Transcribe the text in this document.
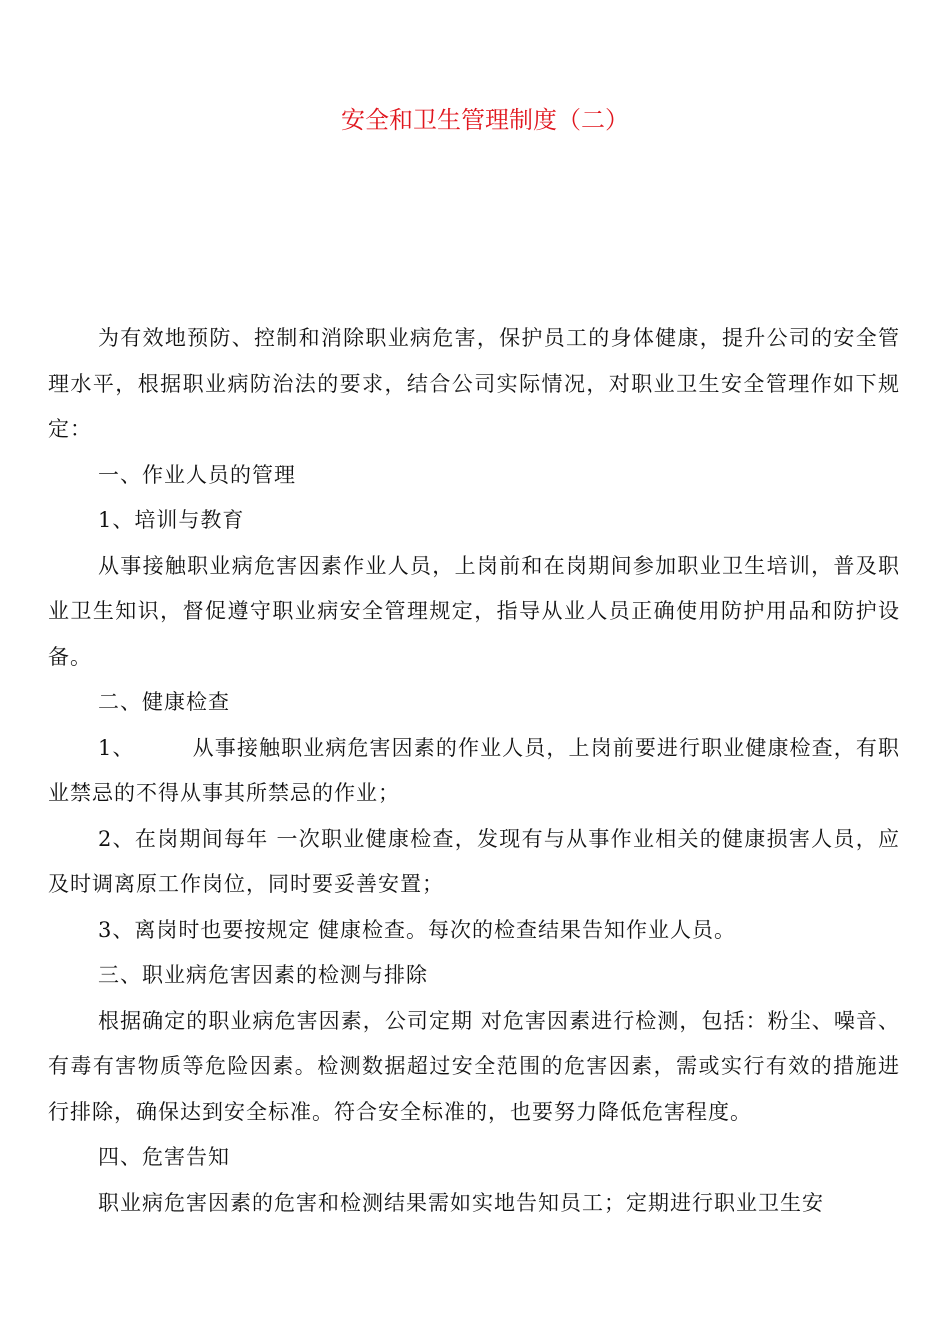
安全和卫生管理制度（二）

为有效地预防、控制和消除职业病危害，保护员工的身体健康，提升公司的安全管理水平，根据职业病防治法的要求，结合公司实际情况，对职业卫生安全管理作如下规定：

一、作业人员的管理

1、培训与教育

从事接触职业病危害因素作业人员，上岗前和在岗期间参加职业卫生培训，普及职业卫生知识，督促遵守职业病安全管理规定，指导从业人员正确使用防护用品和防护设备。

二、健康检查

1、	从事接触职业病危害因素的作业人员，上岗前要进行职业健康检查，有职业禁忌的不得从事其所禁忌的作业；

2、在岗期间每年 一次职业健康检查，发现有与从事作业相关的健康损害人员，应及时调离原工作岗位，同时要妥善安置；

3、离岗时也要按规定 健康检查。每次的检查结果告知作业人员。

三、职业病危害因素的检测与排除

根据确定的职业病危害因素，公司定期 对危害因素进行检测，包括：粉尘、噪音、有毒有害物质等危险因素。检测数据超过安全范围的危害因素，需或实行有效的措施进行排除，确保达到安全标准。符合安全标准的，也要努力降低危害程度。

四、危害告知

职业病危害因素的危害和检测结果需如实地告知员工；定期进行职业卫生安
